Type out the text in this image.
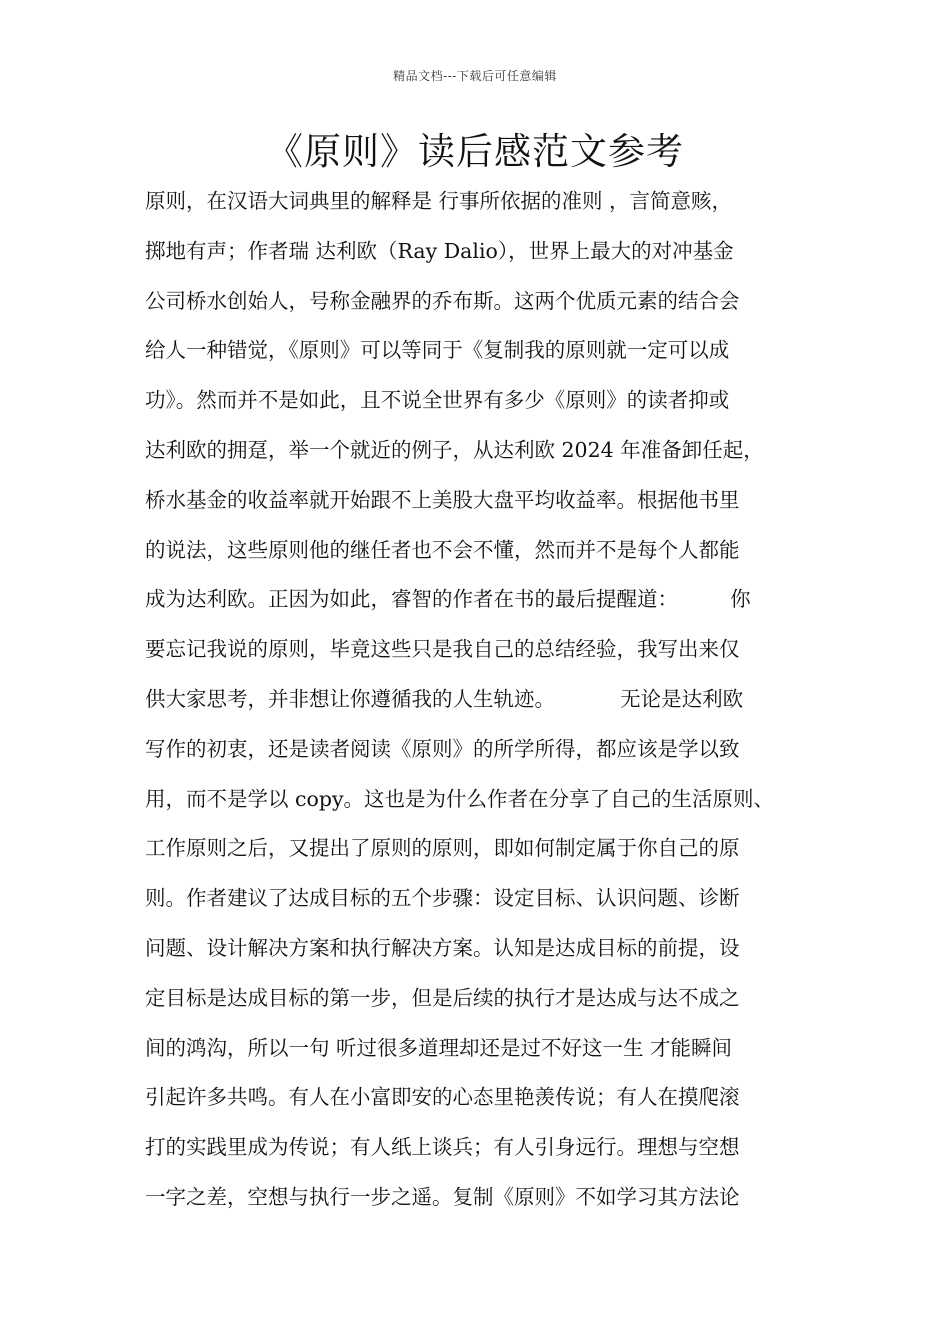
精品文档---下载后可任意编辑
《原则》读后感范文参考
原则，在汉语大词典里的解释是 行事所依据的准则 ，言简意赅，
掷地有声；作者瑞 达利欧（Ray Dalio），世界上最大的对冲基金
公司桥水创始人，号称金融界的乔布斯。这两个优质元素的结合会
给人一种错觉，《原则》可以等同于《复制我的原则就一定可以成
功》。然而并不是如此，且不说全世界有多少《原则》的读者抑或
达利欧的拥趸，举一个就近的例子，从达利欧 2024 年准备卸任起，
桥水基金的收益率就开始跟不上美股大盘平均收益率。根据他书里
的说法，这些原则他的继任者也不会不懂，然而并不是每个人都能
成为达利欧。正因为如此，睿智的作者在书的最后提醒道：        你
要忘记我说的原则，毕竟这些只是我自己的总结经验，我写出来仅
供大家思考，并非想让你遵循我的人生轨迹。          无论是达利欧
写作的初衷，还是读者阅读《原则》的所学所得，都应该是学以致
用，而不是学以 copy。这也是为什么作者在分享了自己的生活原则、
工作原则之后，又提出了原则的原则，即如何制定属于你自己的原
则。作者建议了达成目标的五个步骤：设定目标、认识问题、诊断
问题、设计解决方案和执行解决方案。认知是达成目标的前提，设
定目标是达成目标的第一步，但是后续的执行才是达成与达不成之
间的鸿沟，所以一句 听过很多道理却还是过不好这一生 才能瞬间
引起许多共鸣。有人在小富即安的心态里艳羡传说；有人在摸爬滚
打的实践里成为传说；有人纸上谈兵；有人引身远行。理想与空想
一字之差，空想与执行一步之遥。复制《原则》不如学习其方法论
